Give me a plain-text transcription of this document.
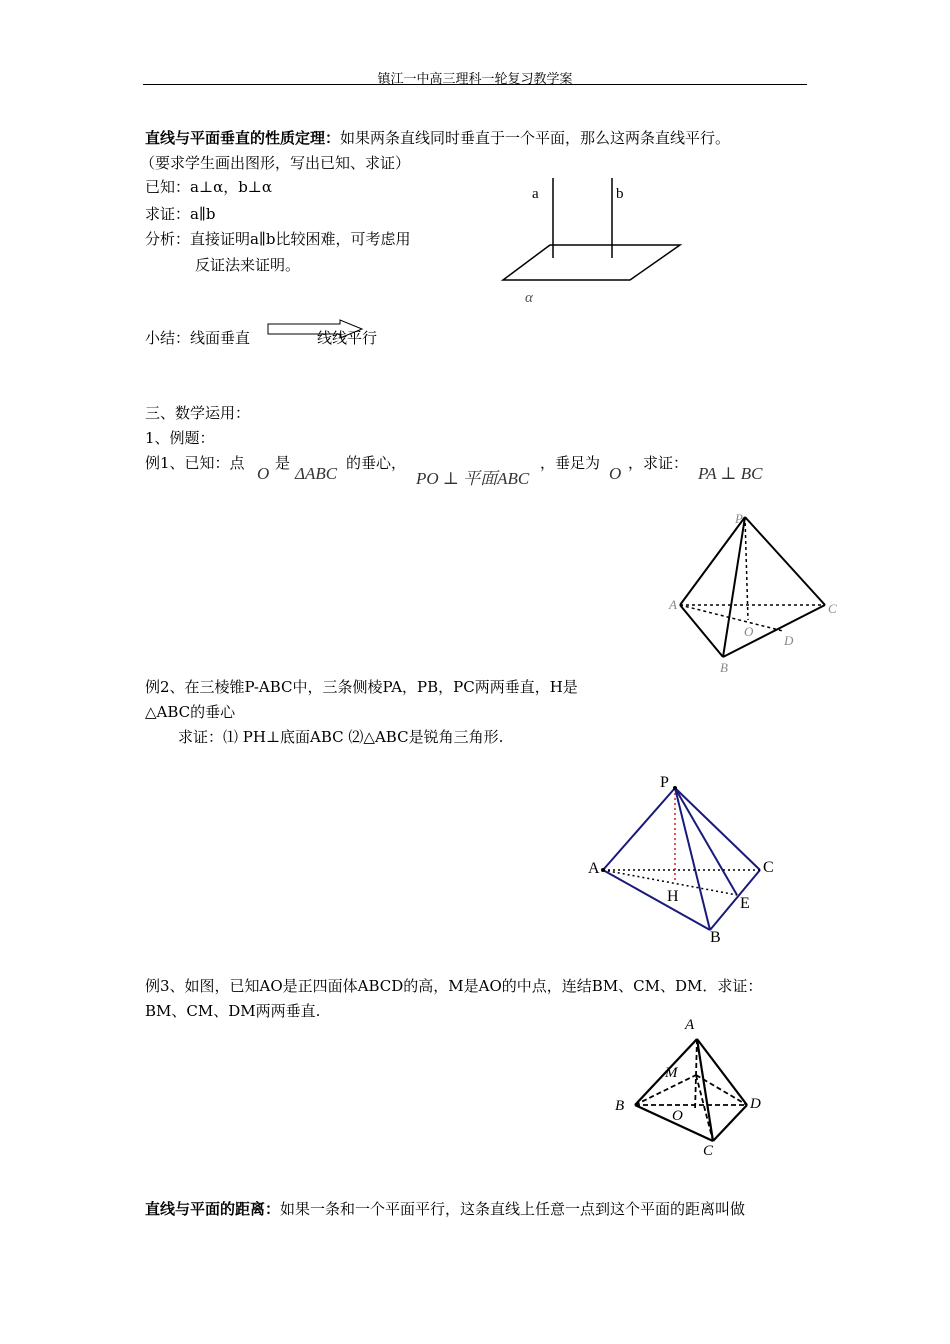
镇江一中高三理科一轮复习教学案
直线与平面垂直的性质定理：如果两条直线同时垂直于一个平面，那么这两条直线平行。
（要求学生画出图形，写出已知、求证）
已知：a⊥α，b⊥α
求证：a∥b
分析：直接证明a∥b比较困难，可考虑用
反证法来证明。
a	b
α
小结：线面垂直	线线平行
三、数学运用：
1、例题：
例1、已知：点
O
是
ΔABC
的垂心，
PO ⊥ 平面ABC
，垂足为
O
，求证：
PA ⊥ BC
P
A	C
O
D
B
例2、在三棱锥P-ABC中，三条侧棱PA，PB，PC两两垂直，H是
△ABC的垂心
求证：⑴ PH⊥底面ABC ⑵△ABC是锐角三角形.
P
A	C
H	E
B
例3、如图，已知AO是正四面体ABCD的高，M是AO的中点，连结BM、CM、DM．求证：
BM、CM、DM两两垂直.
A
M
B	D
O
C
直线与平面的距离：如果一条和一个平面平行，这条直线上任意一点到这个平面的距离叫做
